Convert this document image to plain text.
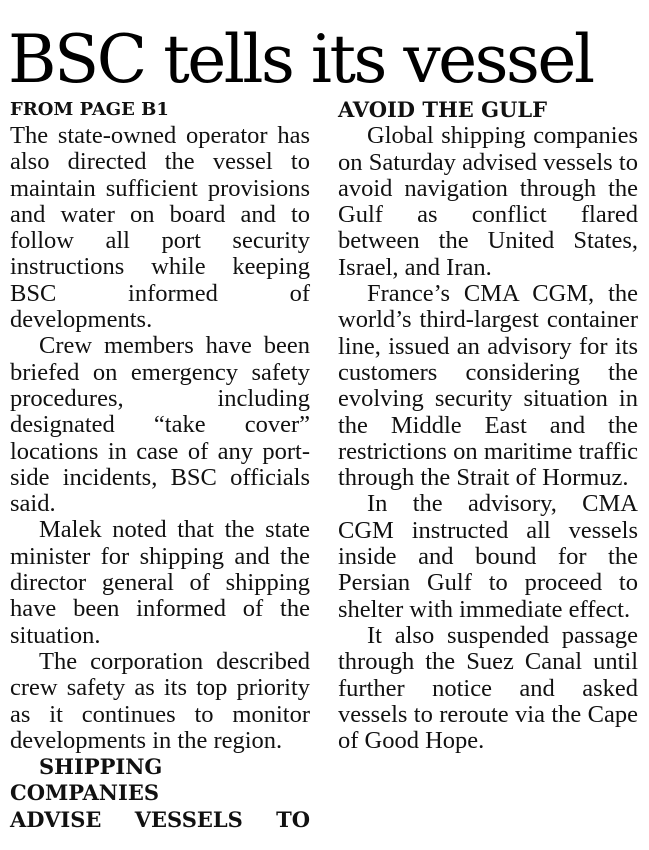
BSC tells its vessel
FROM PAGE B1

The state-owned operator has also directed the vessel to maintain sufficient provisions and water on board and to follow all port security instructions while keeping BSC informed of developments.

Crew members have been briefed on emergency safety procedures, including designated “take cover” locations in case of any port-side incidents, BSC officials said.

Malek noted that the state minister for shipping and the director general of shipping have been informed of the situation.

The corporation described crew safety as its top priority as it continues to monitor developments in the region.

SHIPPING COMPANIES
ADVISE VESSELS TO
AVOID THE GULF

Global shipping companies on Saturday advised vessels to avoid navigation through the Gulf as conflict flared between the United States, Israel, and Iran.

France’s CMA CGM, the world’s third-largest container line, issued an advisory for its customers considering the evolving security situation in the Middle East and the restrictions on maritime traffic through the Strait of Hormuz.

In the advisory, CMA CGM instructed all vessels inside and bound for the Persian Gulf to proceed to shelter with immediate effect.

It also suspended passage through the Suez Canal until further notice and asked vessels to reroute via the Cape of Good Hope.
